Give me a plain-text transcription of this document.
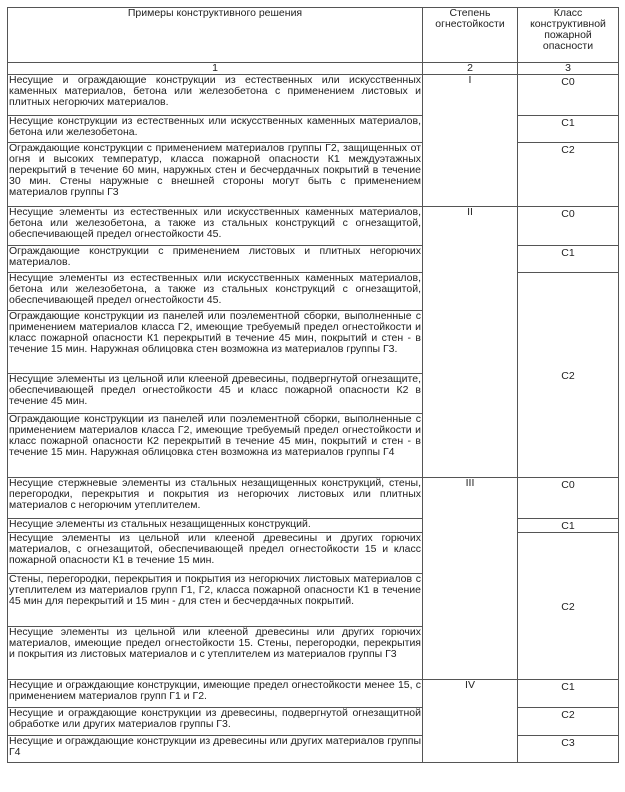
Примеры конструктивного решения	Степень огнестойкости	Класс конструктивной пожарной опасности
1	2	3
Несущие и ограждающие конструкции из естественных или искусственных каменных материалов, бетона или железобетона с применением листовых и плитных негорючих материалов.	I	С0

Несущие конструкции из естественных или искусственных каменных материалов, бетона или железобетона.		С1

Ограждающие конструкции с применением материалов группы Г2, защищенных от огня и высоких температур, класса пожарной опасности К1 междуэтажных перекрытий в течение 60 мин, наружных стен и бесчердачных покрытий в течение 30 мин. Стены наружные с внешней стороны могут быть с применением материалов группы Г3		С2

Несущие элементы из естественных или искусственных каменных материалов, бетона или железобетона, а также из стальных конструкций с огнезащитой, обеспечивающей предел огнестойкости 45.	II	С0

Ограждающие конструкции с применением листовых и плитных негорючих материалов.		С1

Несущие элементы из естественных или искусственных каменных материалов, бетона или железобетона, а также из стальных конструкций с огнезащитой, обеспечивающей предел огнестойкости 45.		С2

Ограждающие конструкции из панелей или поэлементной сборки, выполненные с применением материалов класса Г2, имеющие требуемый предел огнестойкости и класс пожарной опасности К1 перекрытий в течение 45 мин, покрытий и стен - в течение 15 мин. Наружная облицовка стен возможна из материалов группы Г3.		
Несущие элементы из цельной или клееной древесины, подвергнутой огнезащите, обеспечивающей предел огнестойкости 45 и класс пожарной опасности К2 в течение 45 мин.		
Ограждающие конструкции из панелей или поэлементной сборки, выполненные с применением материалов класса Г2, имеющие требуемый предел огнестойкости и класс пожарной опасности К2 перекрытий в течение 45 мин, покрытий и стен - в течение 15 мин. Наружная облицовка стен возможна из материалов группы Г4		
Несущие стержневые элементы из стальных незащищенных конструкций, стены, перегородки, перекрытия и покрытия из негорючих листовых или плитных материалов с негорючим утеплителем.	III	С0

Несущие элементы из стальных незащищенных конструкций.		С1

Несущие элементы из цельной или клееной древесины и других горючих материалов, с огнезащитой, обеспечивающей предел огнестойкости 15 и класс пожарной опасности К1 в течение 15 мин.		С2

Стены, перегородки, перекрытия и покрытия из негорючих листовых материалов с утеплителем из материалов групп Г1, Г2, класса пожарной опасности К1 в течение 45 мин для перекрытий и 15 мин - для стен и бесчердачных покрытий.		
Несущие элементы из цельной или клееной древесины или других горючих материалов, имеющие предел огнестойкости 15. Стены, перегородки, перекрытия и покрытия из листовых материалов и с утеплителем из материалов группы Г3		
Несущие и ограждающие конструкции, имеющие предел огнестойкости менее 15, с применением материалов групп Г1 и Г2.	IV	С1

Несущие и ограждающие конструкции из древесины, подвергнутой огнезащитной обработке или других материалов группы Г3.		С2

Несущие и ограждающие конструкции из древесины или других материалов группы Г4		С3
